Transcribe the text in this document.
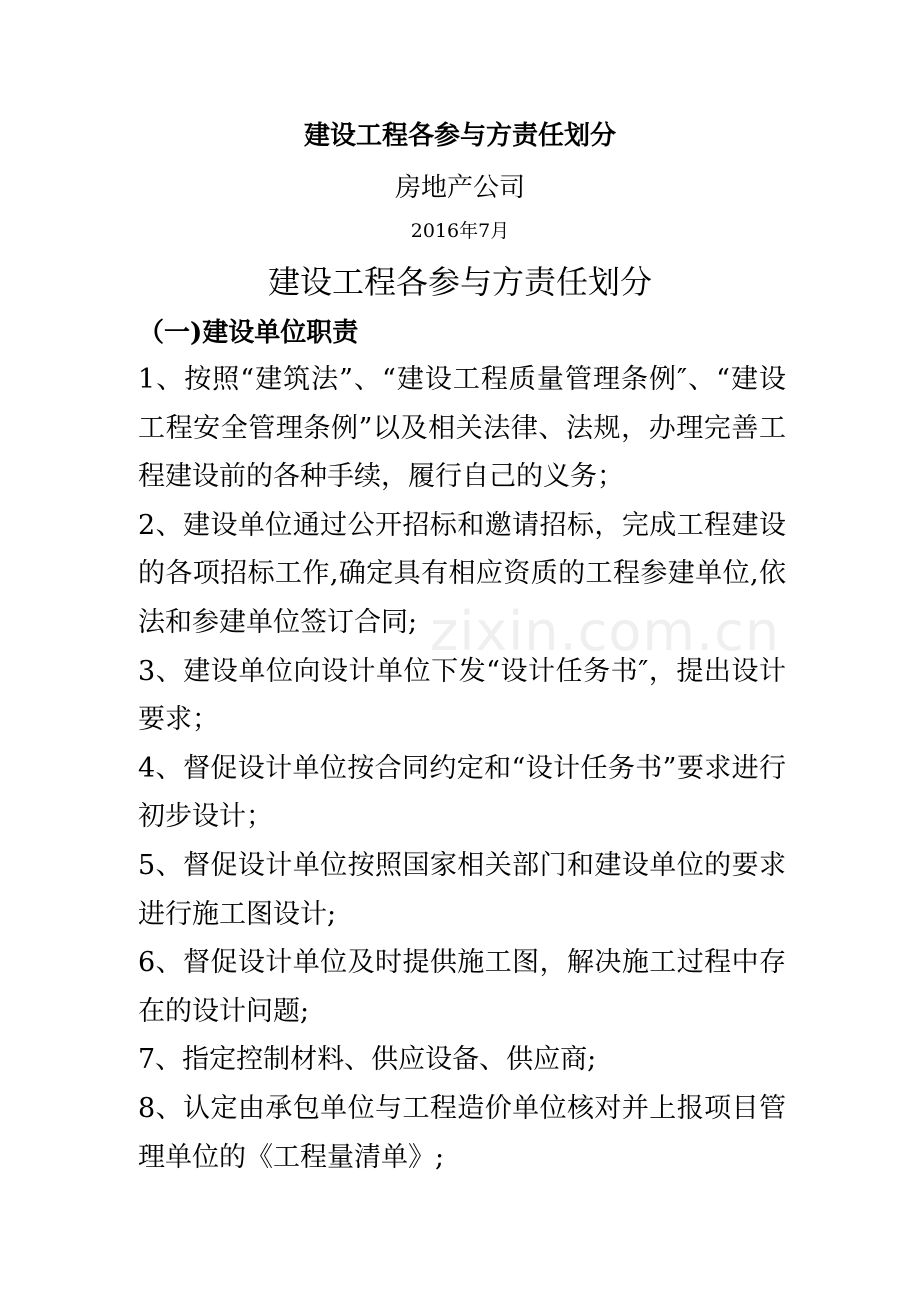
建设工程各参与方责任划分
房地产公司
2016年7月
建设工程各参与方责任划分
（一)建设单位职责

1、按照“建筑法”、“建设工程质量管理条例″、“建设工程安全管理条例”以及相关法律、法规，办理完善工程建设前的各种手续，履行自己的义务；

2、建设单位通过公开招标和邀请招标，完成工程建设的各项招标工作,确定具有相应资质的工程参建单位,依法和参建单位签订合同;

3、建设单位向设计单位下发“设计任务书″，提出设计要求；

4、督促设计单位按合同约定和“设计任务书”要求进行初步设计；

5、督促设计单位按照国家相关部门和建设单位的要求进行施工图设计;

6、督促设计单位及时提供施工图，解决施工过程中存在的设计问题;

7、指定控制材料、供应设备、供应商;

8、认定由承包单位与工程造价单位核对并上报项目管理单位的《工程量清单》;

zixin.com.cn
